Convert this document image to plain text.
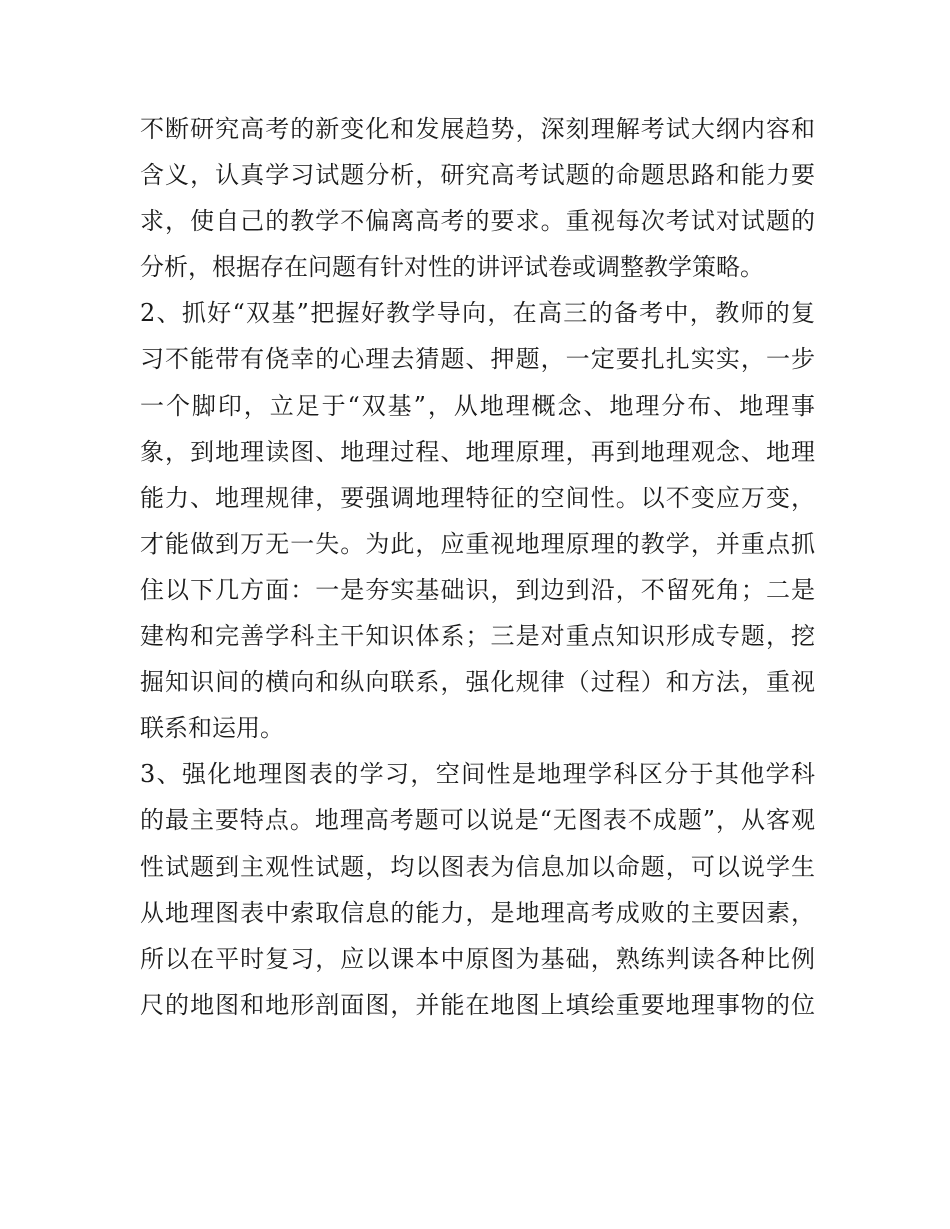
不断研究高考的新变化和发展趋势，深刻理解考试大纲内容和
含义，认真学习试题分析，研究高考试题的命题思路和能力要
求，使自己的教学不偏离高考的要求。重视每次考试对试题的
分析，根据存在问题有针对性的讲评试卷或调整教学策略。
2、抓好“双基”把握好教学导向，在高三的备考中，教师的复
习不能带有侥幸的心理去猜题、押题，一定要扎扎实实，一步
一个脚印，立足于“双基”，从地理概念、地理分布、地理事
象，到地理读图、地理过程、地理原理，再到地理观念、地理
能力、地理规律，要强调地理特征的空间性。以不变应万变，
才能做到万无一失。为此，应重视地理原理的教学，并重点抓
住以下几方面：一是夯实基础识，到边到沿，不留死角；二是
建构和完善学科主干知识体系；三是对重点知识形成专题，挖
掘知识间的横向和纵向联系，强化规律（过程）和方法，重视
联系和运用。
3、强化地理图表的学习，空间性是地理学科区分于其他学科
的最主要特点。地理高考题可以说是“无图表不成题”，从客观
性试题到主观性试题，均以图表为信息加以命题，可以说学生
从地理图表中索取信息的能力，是地理高考成败的主要因素，
所以在平时复习，应以课本中原图为基础，熟练判读各种比例
尺的地图和地形剖面图，并能在地图上填绘重要地理事物的位
